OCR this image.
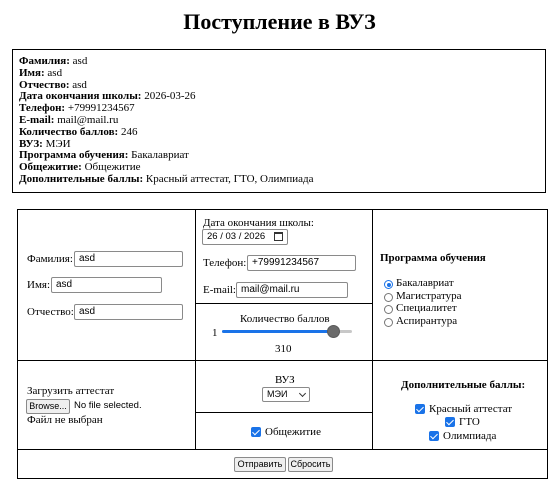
Поступление в ВУЗ
Фамилия: asd
Имя: asd
Отчество: asd
Дата окончания школы: 2026-03-26
Телефон: +79991234567
E-mail: mail@mail.ru
Количество баллов: 246
ВУЗ: МЭИ
Программа обучения: Бакалавриат
Общежитие: Общежитие
Дополнительные баллы: Красный аттестат, ГТО, Олимпиада
Фамилия:
asd
Имя:
asd
Отчество:
asd
Дата окончания школы:
26 / 03 / 2026
Телефон:
+79991234567
E-mail:
mail@mail.ru
Количество баллов
1
310
Программа обучения
Бакалавриат
Магистратура
Специалитет
Аспирантура
Загрузить аттестат
Browse... No file selected.
Файл не выбран
ВУЗ
МЭИ
Общежитие
Дополнительные баллы:
Красный аттестат
ГТО
Олимпиада
Отправить Сбросить
